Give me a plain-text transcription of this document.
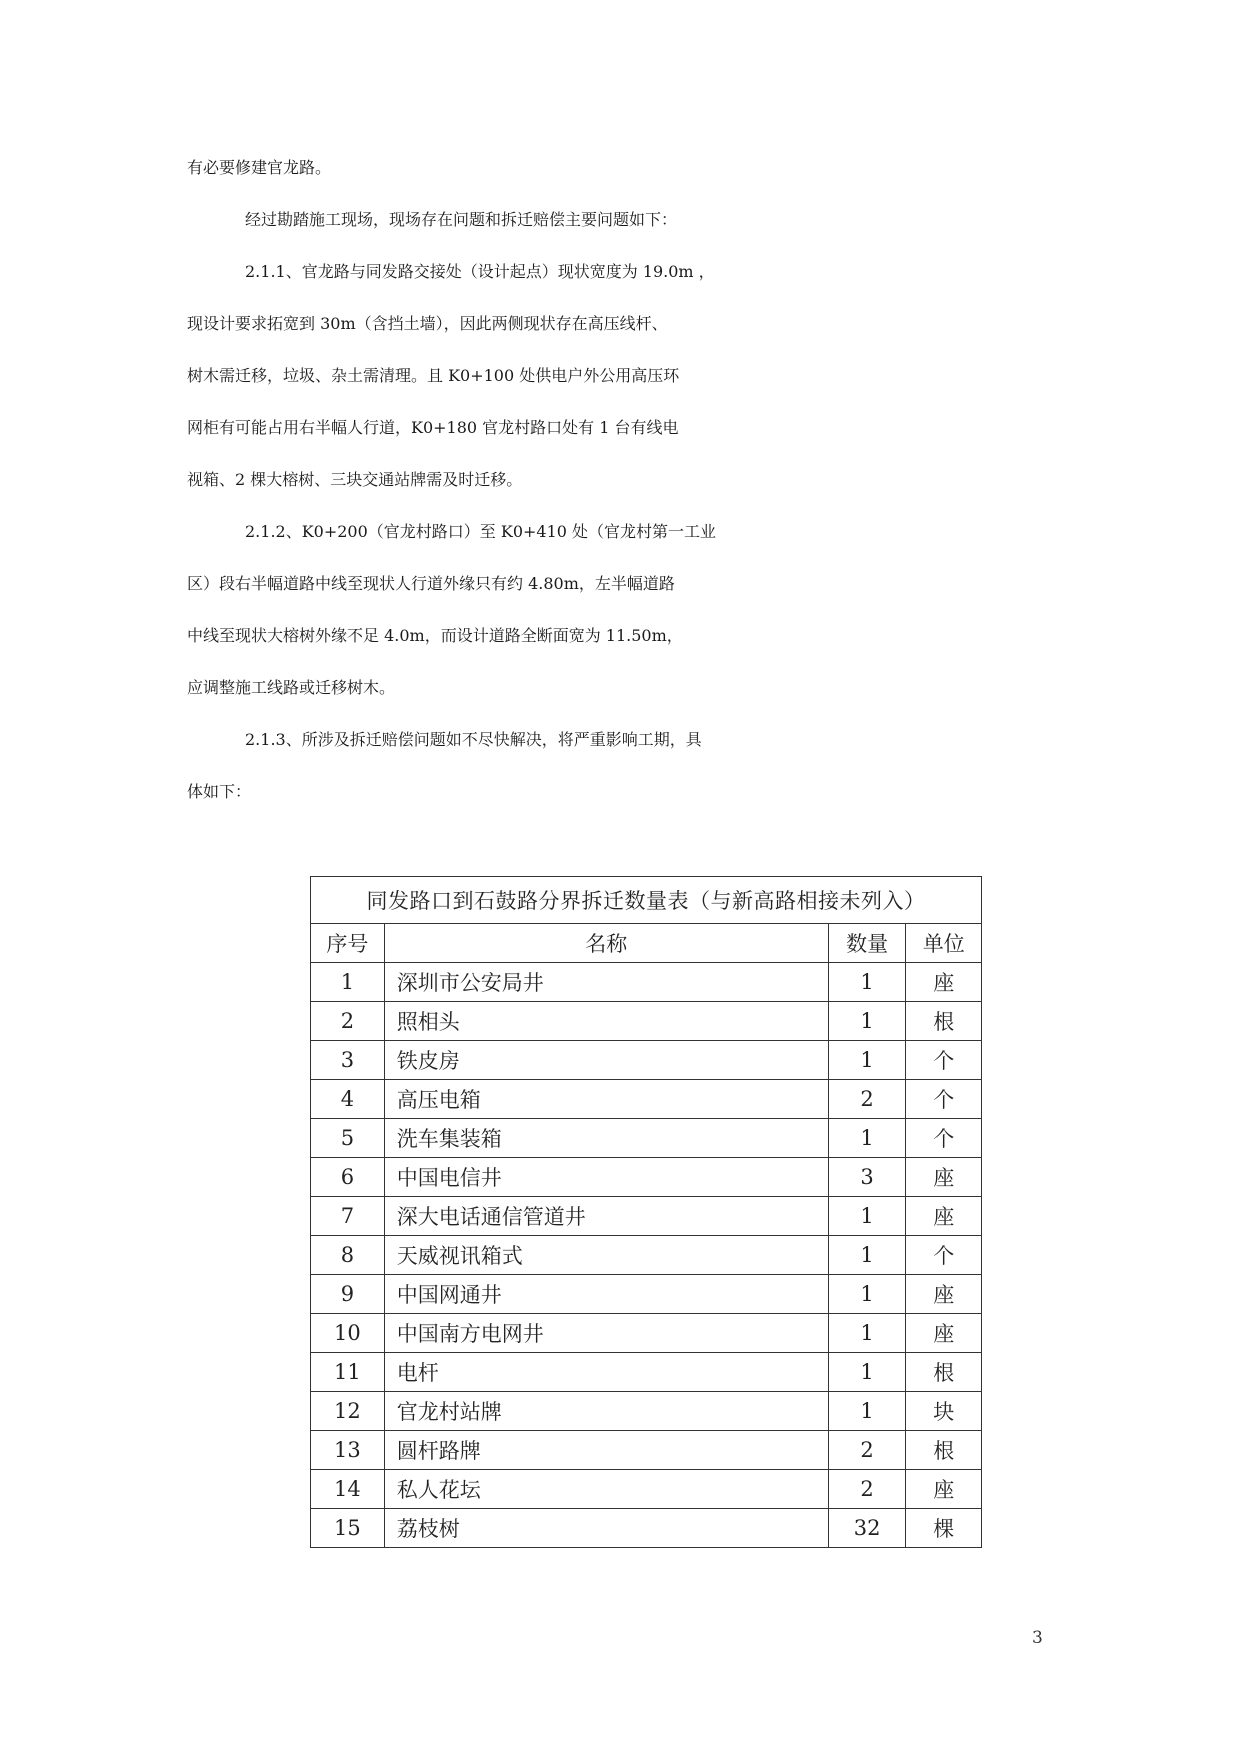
有必要修建官龙路。
经过勘踏施工现场，现场存在问题和拆迁赔偿主要问题如下：
2.1.1、官龙路与同发路交接处（设计起点）现状宽度为 19.0m ，
现设计要求拓宽到 30m（含挡土墙），因此两侧现状存在高压线杆、
树木需迁移，垃圾、杂土需清理。且 K0+100 处供电户外公用高压环
网柜有可能占用右半幅人行道，K0+180 官龙村路口处有 1 台有线电
视箱、2 棵大榕树、三块交通站牌需及时迁移。
2.1.2、K0+200（官龙村路口）至 K0+410 处（官龙村第一工业
区）段右半幅道路中线至现状人行道外缘只有约 4.80m，左半幅道路
中线至现状大榕树外缘不足 4.0m，而设计道路全断面宽为 11.50m，
应调整施工线路或迁移树木。
2.1.3、所涉及拆迁赔偿问题如不尽快解决，将严重影响工期，具
体如下：
同发路口到石鼓路分界拆迁数量表（与新高路相接未列入）			
序号	名称	数量	单位
1	深圳市公安局井	1	座
2	照相头	1	根
3	铁皮房	1	个
4	高压电箱	2	个
5	洗车集装箱	1	个
6	中国电信井	3	座
7	深大电话通信管道井	1	座
8	天威视讯箱式	1	个
9	中国网通井	1	座
10	中国南方电网井	1	座
11	电杆	1	根
12	官龙村站牌	1	块
13	圆杆路牌	2	根
14	私人花坛	2	座
15	荔枝树	32	棵
3
